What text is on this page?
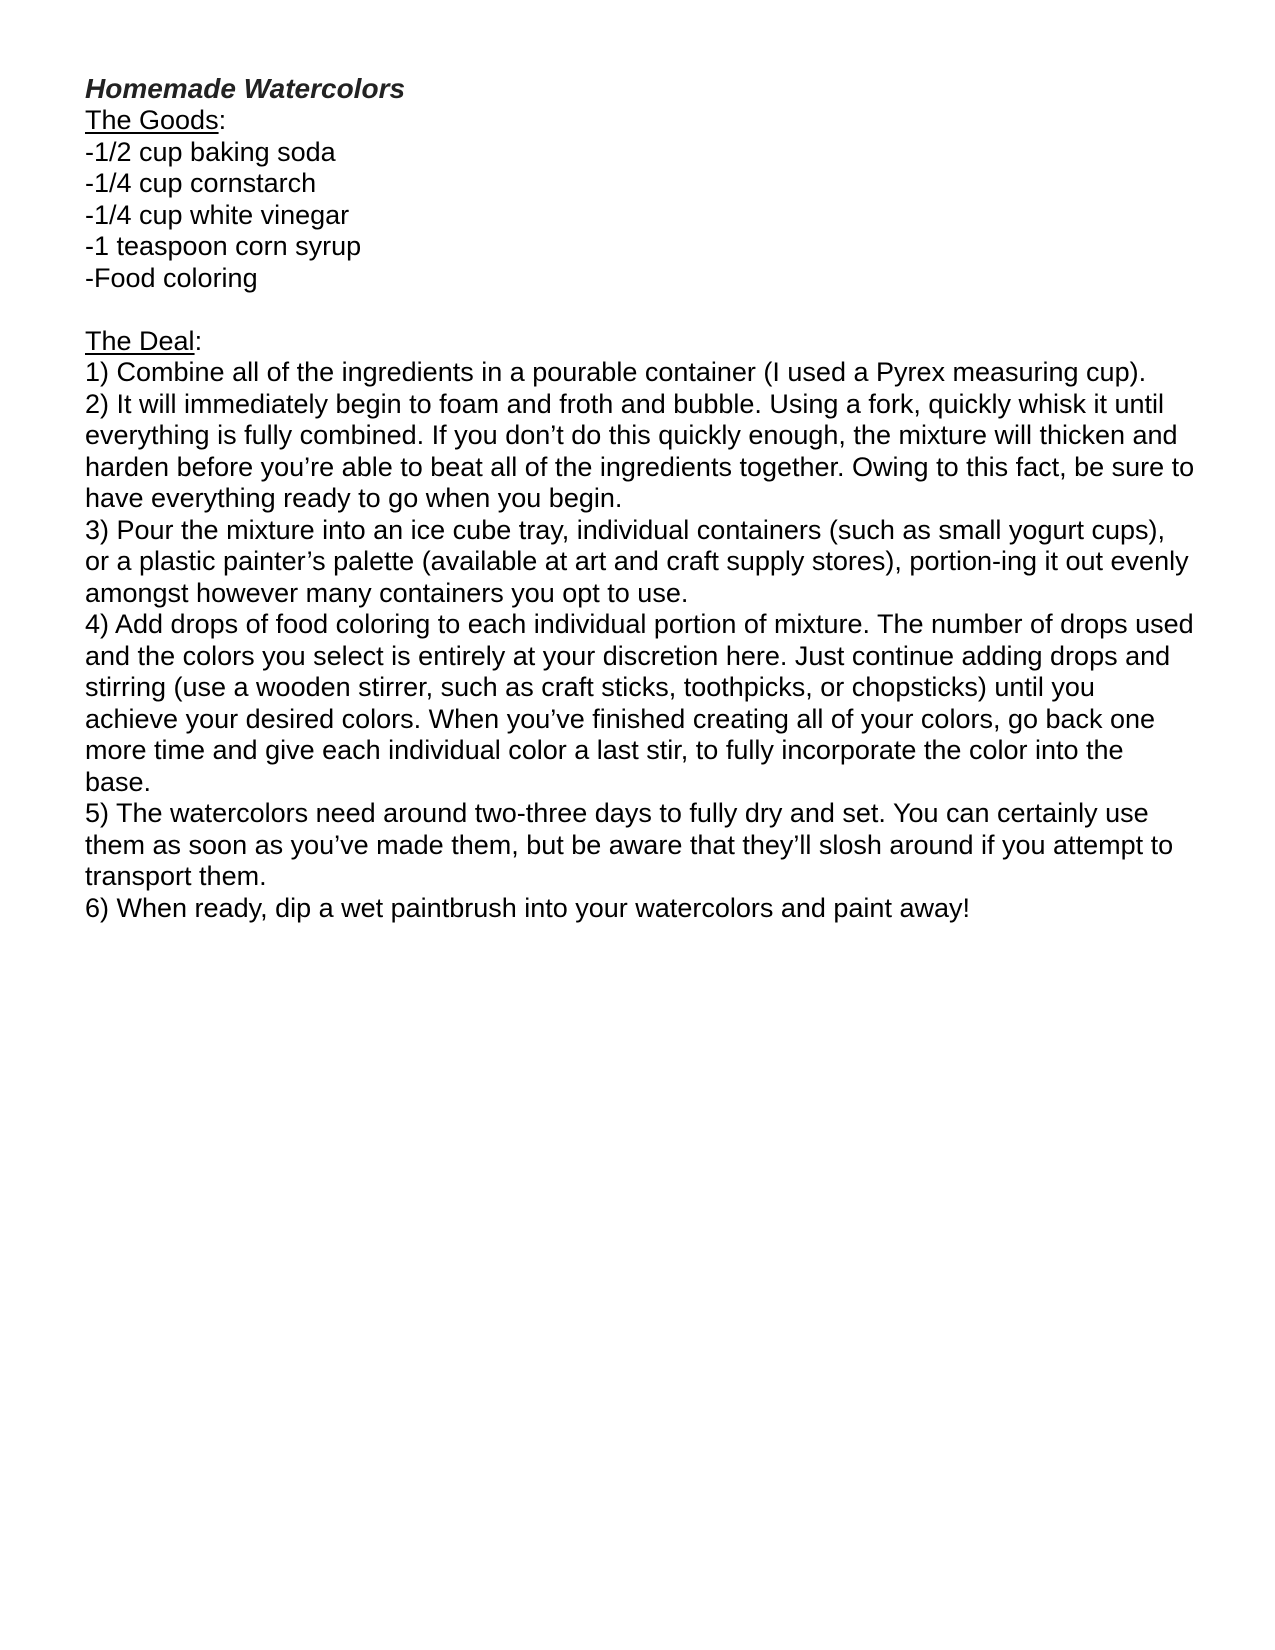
Homemade Watercolors

The Goods:

-1/2 cup baking soda
-1/4 cup cornstarch
-1/4 cup white vinegar
-1 teaspoon corn syrup
-Food coloring

The Deal:

1) Combine all of the ingredients in a pourable container (I used a Pyrex measuring cup).
2) It will immediately begin to foam and froth and bubble. Using a fork, quickly whisk it until everything is fully combined. If you don’t do this quickly enough, the mixture will thicken and harden before you’re able to beat all of the ingredients together. Owing to this fact, be sure to have everything ready to go when you begin.
3) Pour the mixture into an ice cube tray, individual containers (such as small yogurt cups), or a plastic painter’s palette (available at art and craft supply stores), portion-ing it out evenly amongst however many containers you opt to use.
4) Add drops of food coloring to each individual portion of mixture. The number of drops used and the colors you select is entirely at your discretion here. Just continue adding drops and stirring (use a wooden stirrer, such as craft sticks, toothpicks, or chopsticks) until you achieve your desired colors. When you’ve finished creating all of your colors, go back one more time and give each individual color a last stir, to fully incorporate the color into the base.
5) The watercolors need around two-three days to fully dry and set. You can certainly use them as soon as you’ve made them, but be aware that they’ll slosh around if you attempt to transport them.
6) When ready, dip a wet paintbrush into your watercolors and paint away!
